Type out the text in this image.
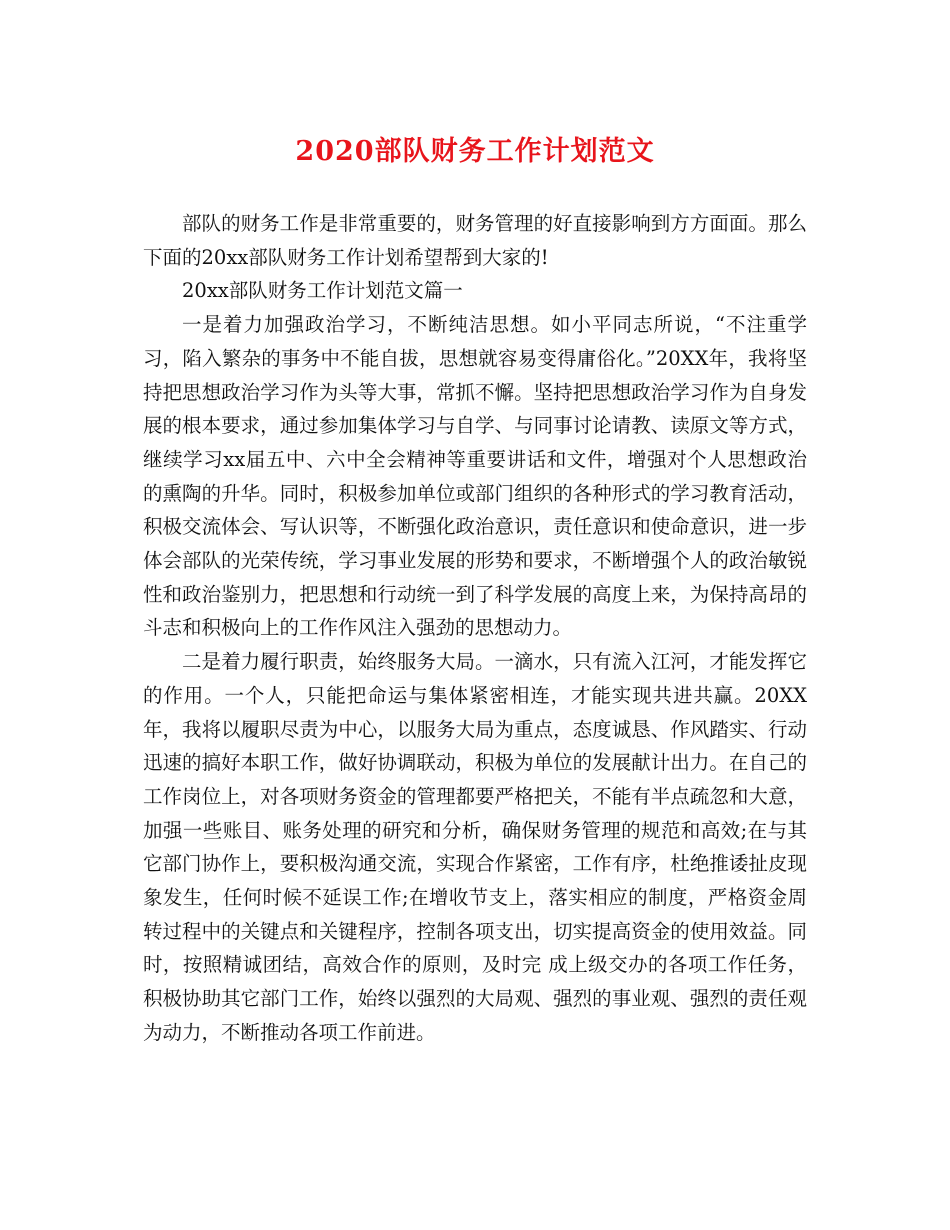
2020部队财务工作计划范文

部队的财务工作是非常重要的，财务管理的好直接影响到方方面面。那么下面的20xx部队财务工作计划希望帮到大家的!

20xx部队财务工作计划范文篇一

一是着力加强政治学习，不断纯洁思想。如小平同志所说，“不注重学习，陷入繁杂的事务中不能自拔，思想就容易变得庸俗化。”20XX年，我将坚持把思想政治学习作为头等大事，常抓不懈。坚持把思想政治学习作为自身发展的根本要求，通过参加集体学习与自学、与同事讨论请教、读原文等方式，继续学习xx届五中、六中全会精神等重要讲话和文件，增强对个人思想政治的熏陶的升华。同时，积极参加单位或部门组织的各种形式的学习教育活动，积极交流体会、写认识等，不断强化政治意识，责任意识和使命意识，进一步体会部队的光荣传统，学习事业发展的形势和要求，不断增强个人的政治敏锐性和政治鉴别力，把思想和行动统一到了科学发展的高度上来，为保持高昂的斗志和积极向上的工作作风注入强劲的思想动力。

二是着力履行职责，始终服务大局。一滴水，只有流入江河，才能发挥它的作用。一个人，只能把命运与集体紧密相连，才能实现共进共赢。20XX年，我将以履职尽责为中心，以服务大局为重点，态度诚恳、作风踏实、行动迅速的搞好本职工作，做好协调联动，积极为单位的发展献计出力。在自己的工作岗位上，对各项财务资金的管理都要严格把关，不能有半点疏忽和大意，加强一些账目、账务处理的研究和分析，确保财务管理的规范和高效;在与其它部门协作上，要积极沟通交流，实现合作紧密，工作有序，杜绝推诿扯皮现象发生，任何时候不延误工作;在增收节支上，落实相应的制度，严格资金周转过程中的关键点和关键程序，控制各项支出，切实提高资金的使用效益。同时，按照精诚团结，高效合作的原则，及时完 成上级交办的各项工作任务，积极协助其它部门工作，始终以强烈的大局观、强烈的事业观、强烈的责任观为动力，不断推动各项工作前进。
